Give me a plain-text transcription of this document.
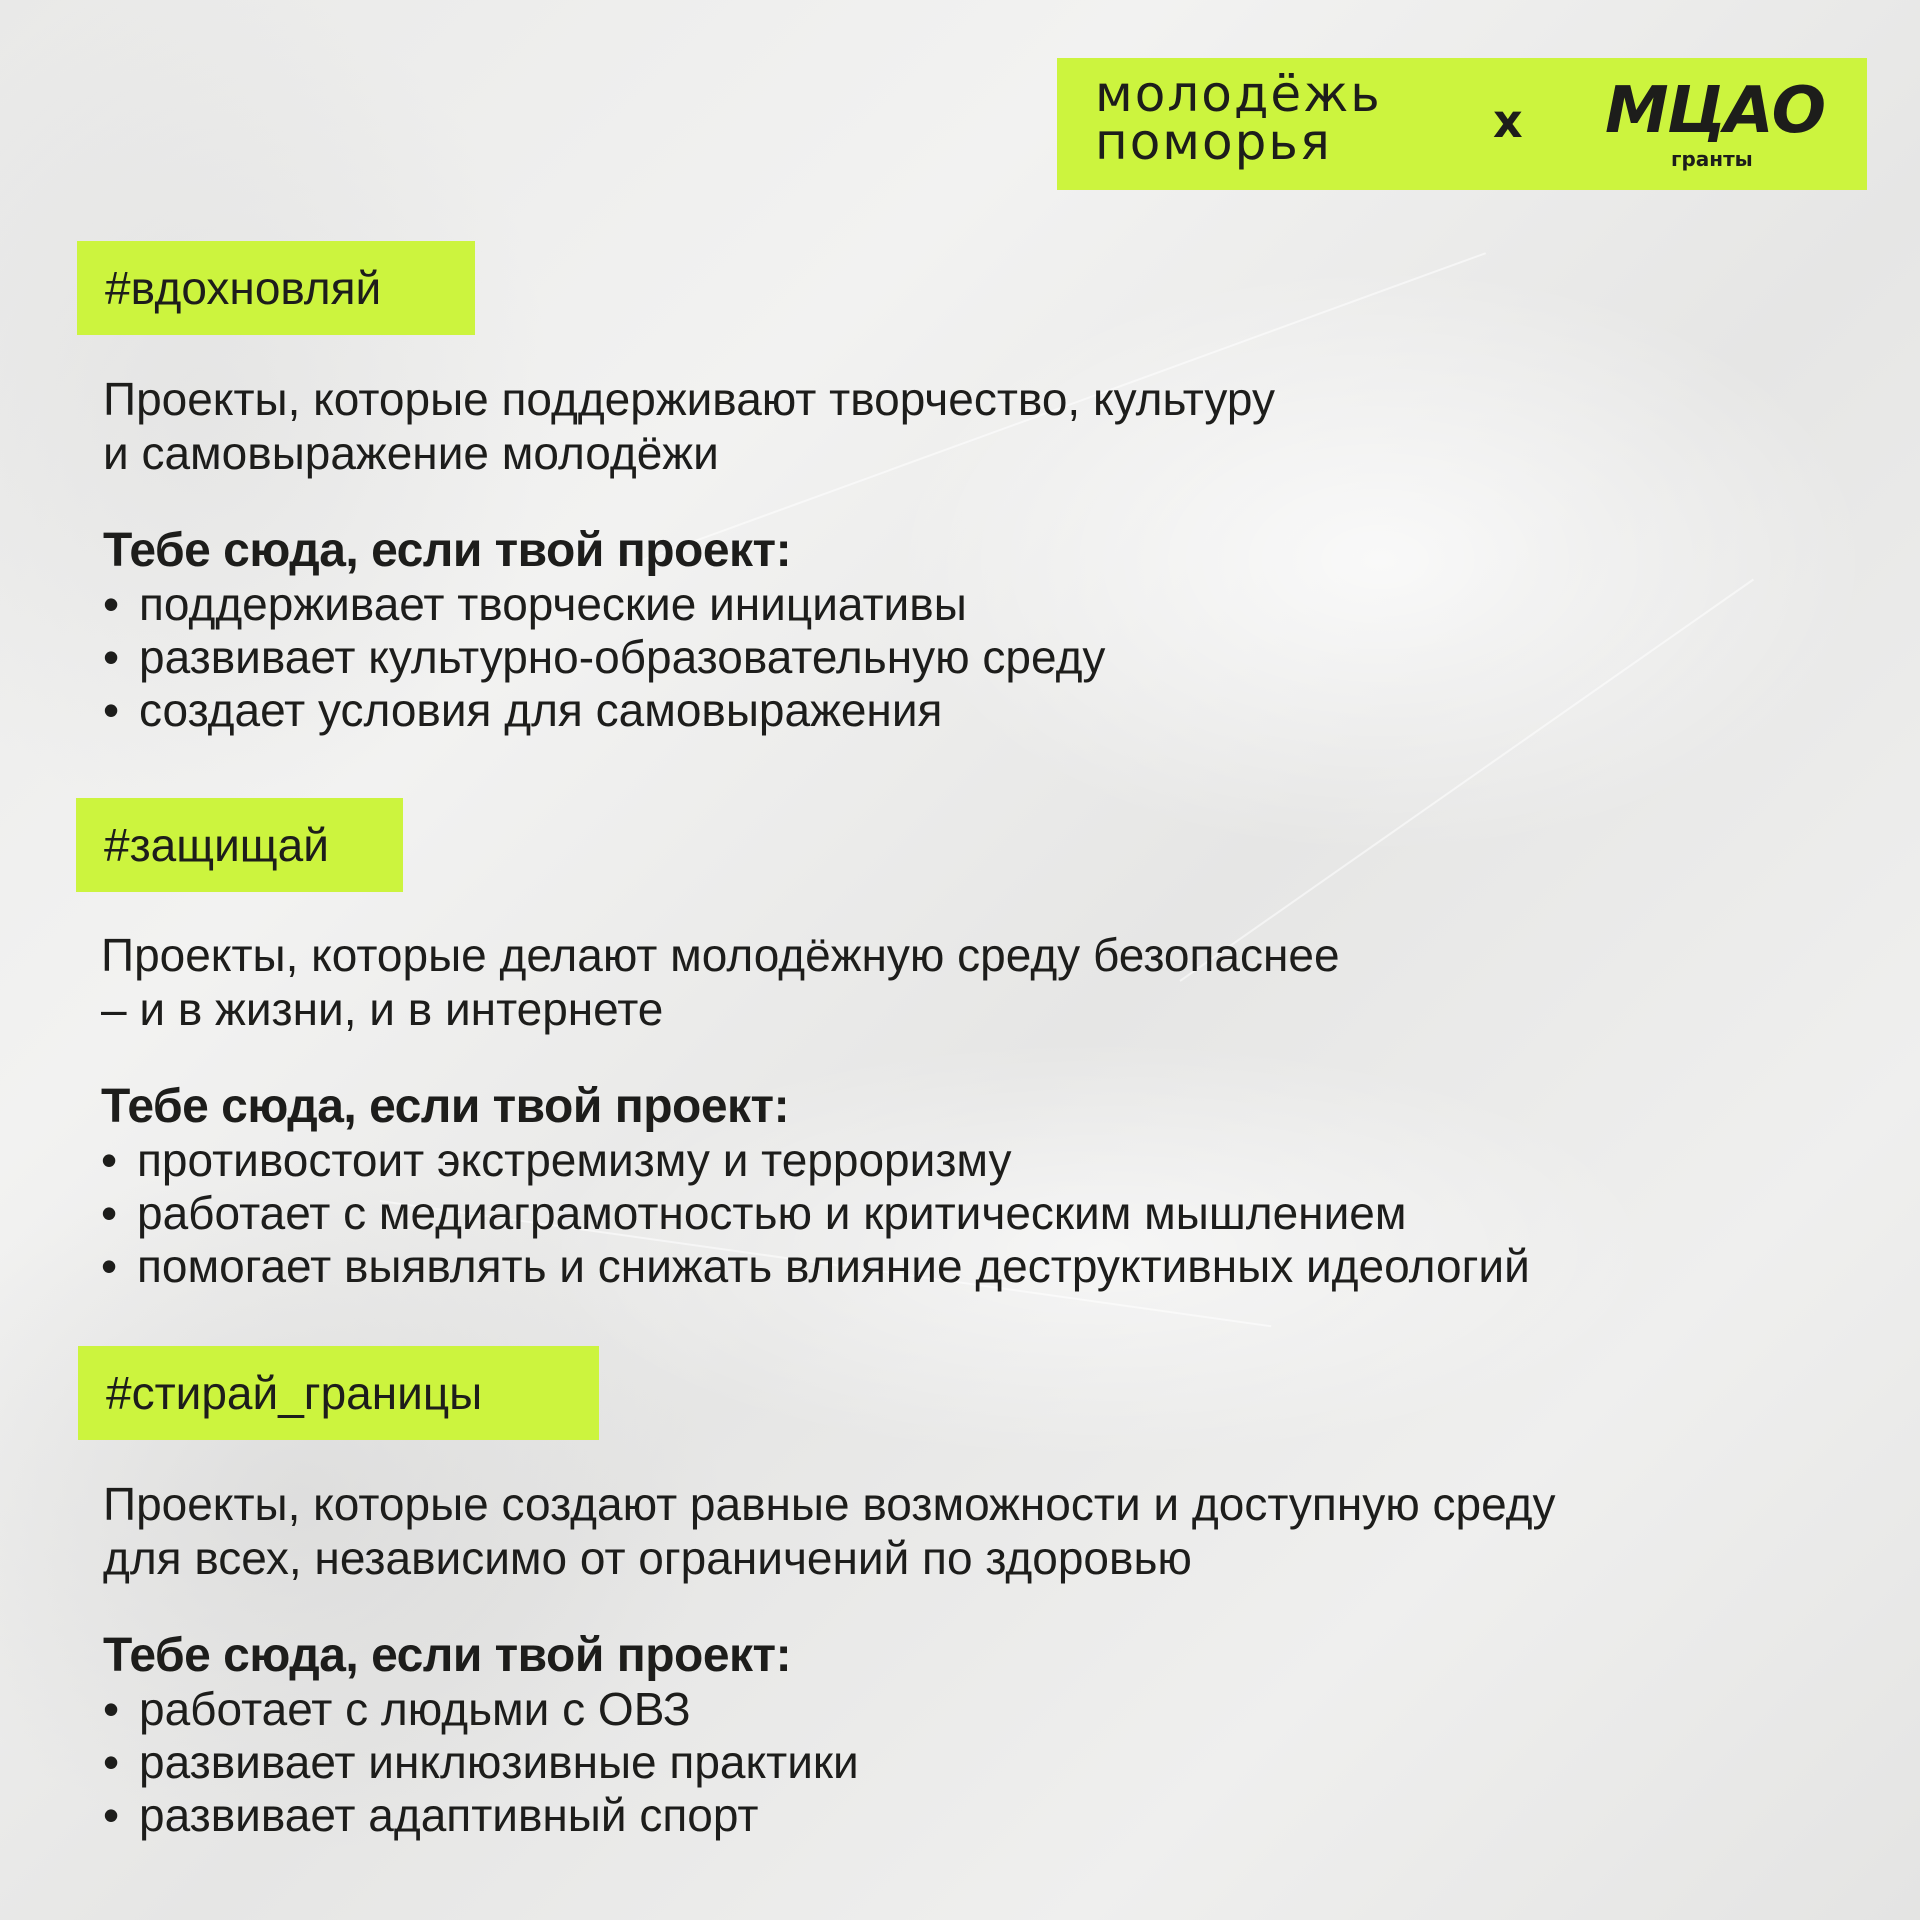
молодёжь
поморья	x МЦАО
гранты
#вдохновляй

Проекты, которые поддерживают творчество, культуру
и самовыражение молодёжи

Тебе сюда, если твой проект:

• поддерживает творческие инициативы
• развивает культурно-образовательную среду
• создает условия для самовыражения
#защищай

Проекты, которые делают молодёжную среду безопаснее
– и в жизни, и в интернете

Тебе сюда, если твой проект:

• противостоит экстремизму и терроризму
• работает с медиаграмотностью и критическим мышлением
• помогает выявлять и снижать влияние деструктивных идеологий
#стирай_границы

Проекты, которые создают равные возможности и доступную среду
для всех, независимо от ограничений по здоровью

Тебе сюда, если твой проект:

• работает с людьми с ОВЗ
• развивает инклюзивные практики
• развивает адаптивный спорт
